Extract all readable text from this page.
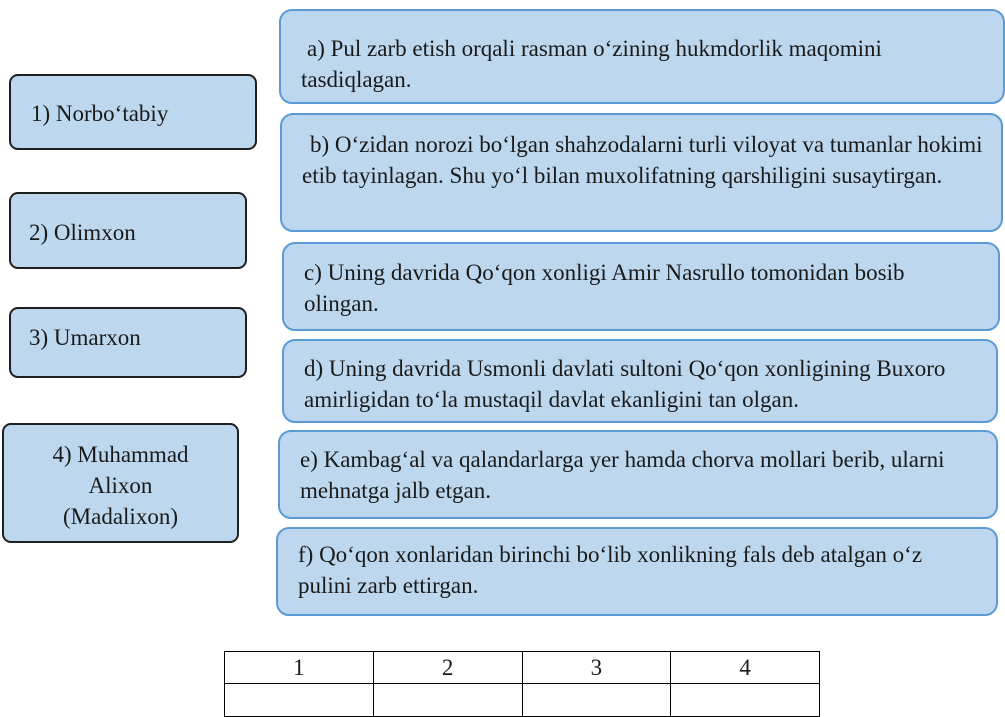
1) Norbo‘tabiy
2) Olimxon
3) Umarxon
4) Muhammad Alixon (Madalixon)
a) Pul zarb etish orqali rasman o‘zining hukmdorlik maqomini tasdiqlagan.
b) O‘zidan norozi bo‘lgan shahzodalarni turli viloyat va tumanlar hokimi etib tayinlagan. Shu yo‘l bilan muxolifatning qarshiligini susaytirgan.
c) Uning davrida Qo‘qon xonligi Amir Nasrullo tomonidan bosib olingan.
d) Uning davrida Usmonli davlati sultoni Qo‘qon xonligining Buxoro amirligidan to‘la mustaqil davlat ekanligini tan olgan.
e) Kambag‘al va qalandarlarga yer hamda chorva mollari berib, ularni mehnatga jalb etgan.
f) Qo‘qon xonlaridan birinchi bo‘lib xonlikning fals deb atalgan o‘z pulini zarb ettirgan.
1	2	3	4
